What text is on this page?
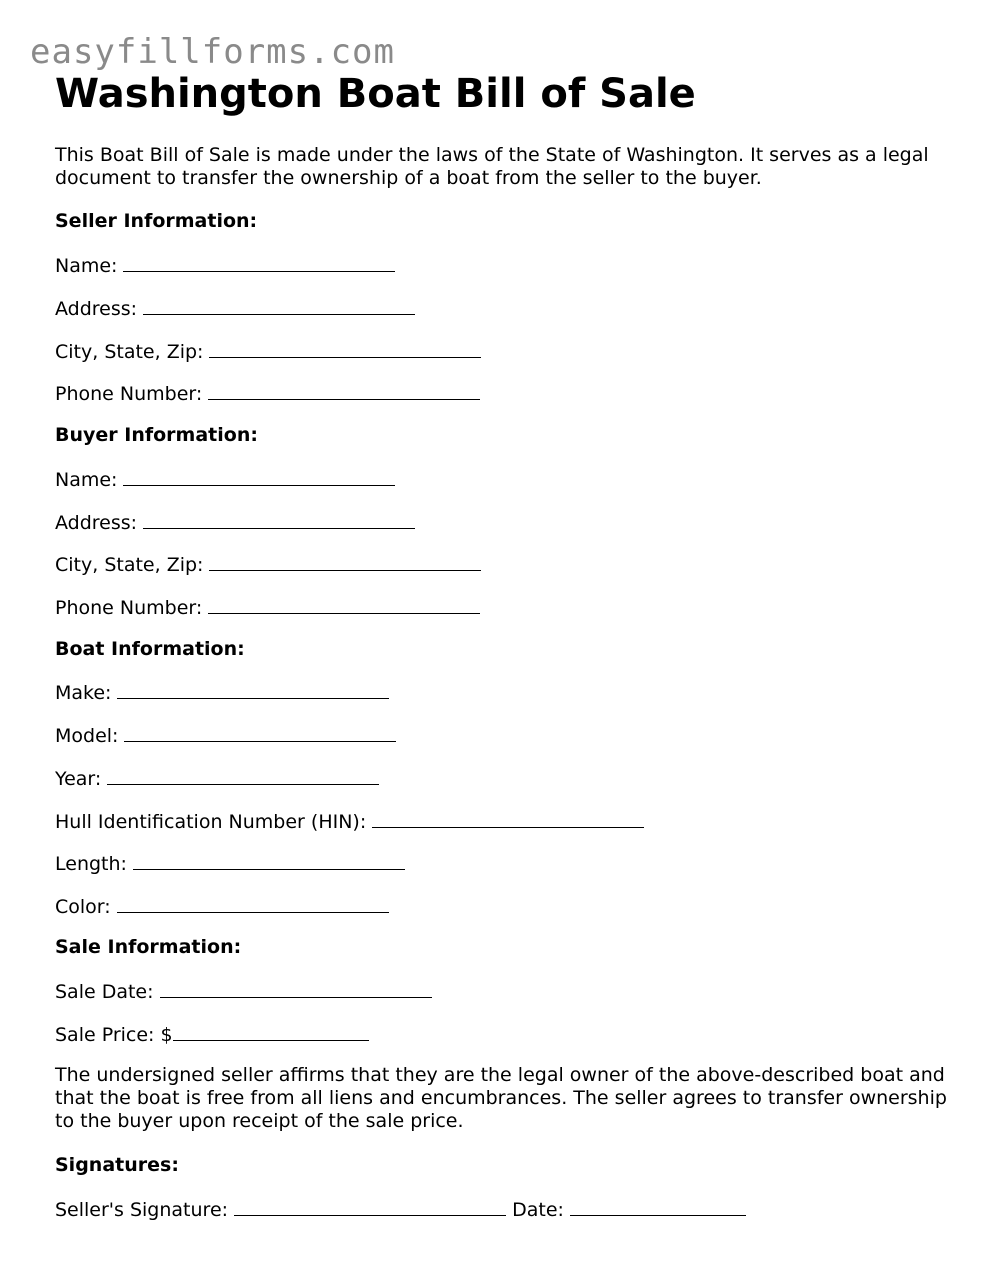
easyfillforms.com
Washington Boat Bill of Sale

This Boat Bill of Sale is made under the laws of the State of Washington. It serves as a legal document to transfer the ownership of a boat from the seller to the buyer.

Seller Information:
Name:
Address:
City, State, Zip:
Phone Number:
Buyer Information:
Name:
Address:
City, State, Zip:
Phone Number:
Boat Information:
Make:
Model:
Year:
Hull Identification Number (HIN):
Length:
Color:
Sale Information:
Sale Date:
Sale Price: $

The undersigned seller affirms that they are the legal owner of the above-described boat and that the boat is free from all liens and encumbrances. The seller agrees to transfer ownership to the buyer upon receipt of the sale price.

Signatures:
Seller's Signature:	Date:
